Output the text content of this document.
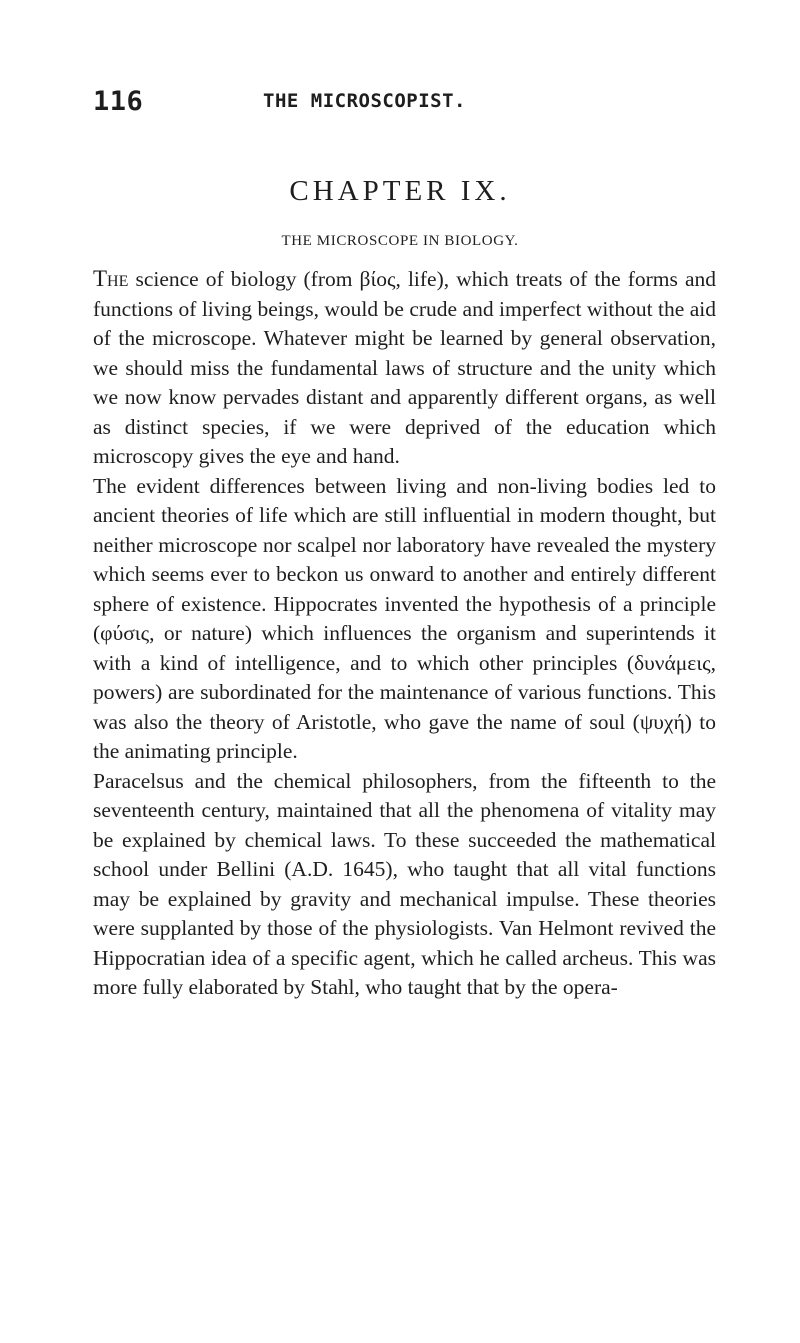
116	THE MICROSCOPIST.
CHAPTER IX.
THE MICROSCOPE IN BIOLOGY.

The science of biology (from βίος, life), which treats of the forms and functions of living beings, would be crude and imperfect without the aid of the microscope. Whatever might be learned by general observation, we should miss the fundamental laws of structure and the unity which we now know pervades distant and apparently different organs, as well as distinct species, if we were deprived of the education which microscopy gives the eye and hand.

The evident differences between living and non-living bodies led to ancient theories of life which are still influential in modern thought, but neither microscope nor scalpel nor laboratory have revealed the mystery which seems ever to beckon us onward to another and entirely different sphere of existence. Hippocrates invented the hypothesis of a principle (φύσις, or nature) which influences the organism and superintends it with a kind of intelligence, and to which other principles (δυνάμεις, powers) are subordinated for the maintenance of various functions. This was also the theory of Aristotle, who gave the name of soul (ψυχή) to the animating principle.

Paracelsus and the chemical philosophers, from the fifteenth to the seventeenth century, maintained that all the phenomena of vitality may be explained by chemical laws. To these succeeded the mathematical school under Bellini (A.D. 1645), who taught that all vital functions may be explained by gravity and mechanical impulse. These theories were supplanted by those of the physiologists. Van Helmont revived the Hippocratian idea of a specific agent, which he called archeus. This was more fully elaborated by Stahl, who taught that by the opera-
